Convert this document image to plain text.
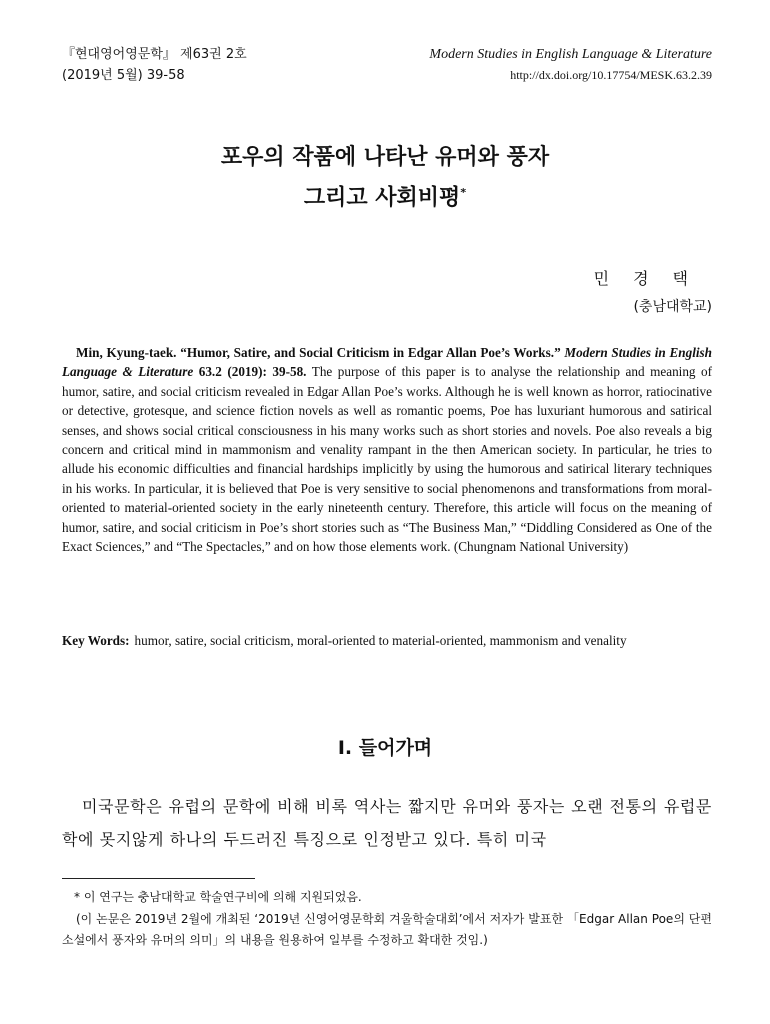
『현대영어영문학』 제63권 2호
(2019년 5월) 39-58
Modern Studies in English Language & Literature
http://dx.doi.org/10.17754/MESK.63.2.39
포우의 작품에 나타난 유머와 풍자
그리고 사회비평*
민경택
(충남대학교)
Min, Kyung-taek. “Humor, Satire, and Social Criticism in Edgar Allan Poe’s Works.” Modern Studies in English Language & Literature 63.2 (2019): 39-58. The purpose of this paper is to analyse the relationship and meaning of humor, satire, and social criticism revealed in Edgar Allan Poe’s works. Although he is well known as horror, ratiocinative or detective, grotesque, and science fiction novels as well as romantic poems, Poe has luxuriant humorous and satirical senses, and shows social critical consciousness in his many works such as short stories and novels. Poe also reveals a big concern and critical mind in mammonism and venality rampant in the then American society. In particular, he tries to allude his economic difficulties and financial hardships implicitly by using the humorous and satirical literary techniques in his works. In particular, it is believed that Poe is very sensitive to social phenomenons and transformations from moral-oriented to material-oriented society in the early nineteenth century. Therefore, this article will focus on the meaning of humor, satire, and social criticism in Poe’s short stories such as “The Business Man,” “Diddling Considered as One of the Exact Sciences,” and “The Spectacles,” and on how those elements work. (Chungnam National University)
Key Words: humor, satire, social criticism, moral-oriented to material-oriented, mammonism and venality
I. 들어가며
미국문학은 유럽의 문학에 비해 비록 역사는 짧지만 유머와 풍자는 오랜 전통의 유럽문학에 못지않게 하나의 두드러진 특징으로 인정받고 있다. 특히 미국
* 이 연구는 충남대학교 학술연구비에 의해 지원되었음.
(이 논문은 2019년 2월에 개최된 ‘2019년 신영어영문학회 겨울학술대회’에서 저자가 발표한 「Edgar Allan Poe의 단편소설에서 풍자와 유머의 의미」의 내용을 원용하여 일부를 수정하고 확대한 것임.)
